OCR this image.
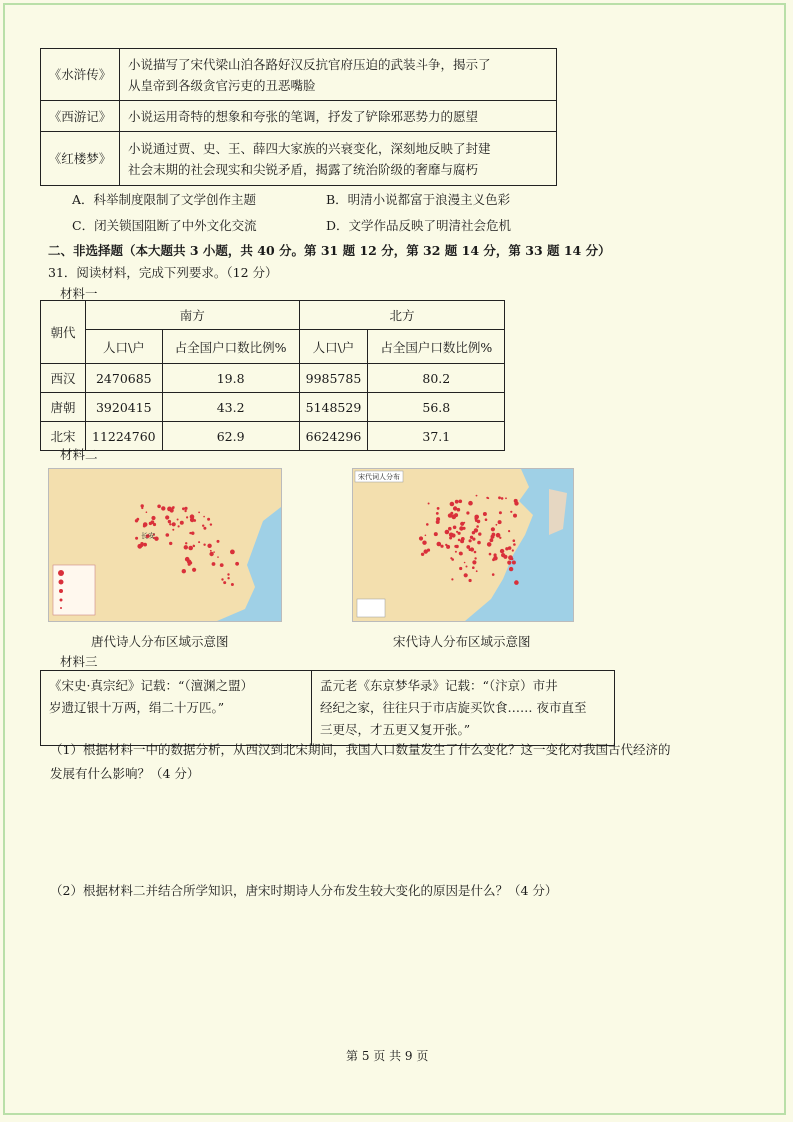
《水浒传》	小说描写了宋代梁山泊各路好汉反抗官府压迫的武装斗争，揭示了
从皇帝到各级贪官污吏的丑恶嘴脸

《西游记》	小说运用奇特的想象和夸张的笔调，抒发了铲除邪恶势力的愿望

《红楼梦》	小说通过贾、史、王、薛四大家族的兴衰变化，深刻地反映了封建
社会末期的社会现实和尖锐矛盾，揭露了统治阶级的奢靡与腐朽
A．科举制度限制了文学创作主题	B．明清小说都富于浪漫主义色彩
C．闭关锁国阻断了中外文化交流	D．文学作品反映了明清社会危机
二、非选择题（本大题共 3 小题，共 40 分。第 31 题 12 分，第 32 题 14 分，第 33 题 14 分）
31．阅读材料，完成下列要求。（12 分）
材料一
朝代	南方		北方	
	人口\户	占全国户口数比例%	人口\户	占全国户口数比例%
西汉	2470685	19.8	9985785	80.2
唐朝	3920415	43.2	5148529	56.8
北宋	11224760	62.9	6624296	37.1
材料二
长安
唐代诗人分布区域示意图
宋代词人分布
宋代诗人分布区域示意图
材料三
《宋史·真宗纪》记载：“（澶渊之盟）
岁遗辽银十万两，绢二十万匹。”

孟元老《东京梦华录》记载：“（汴京）市井
经纪之家，往往只于市店旋买饮食…… 夜市直至
三更尽，才五更又复开张。”
（1）根据材料一中的数据分析，从西汉到北宋期间，我国人口数量发生了什么变化？这一变化对我国古代经济的
发展有什么影响？（4 分）
（2）根据材料二并结合所学知识，唐宋时期诗人分布发生较大变化的原因是什么？（4 分）
第 5 页 共 9 页
